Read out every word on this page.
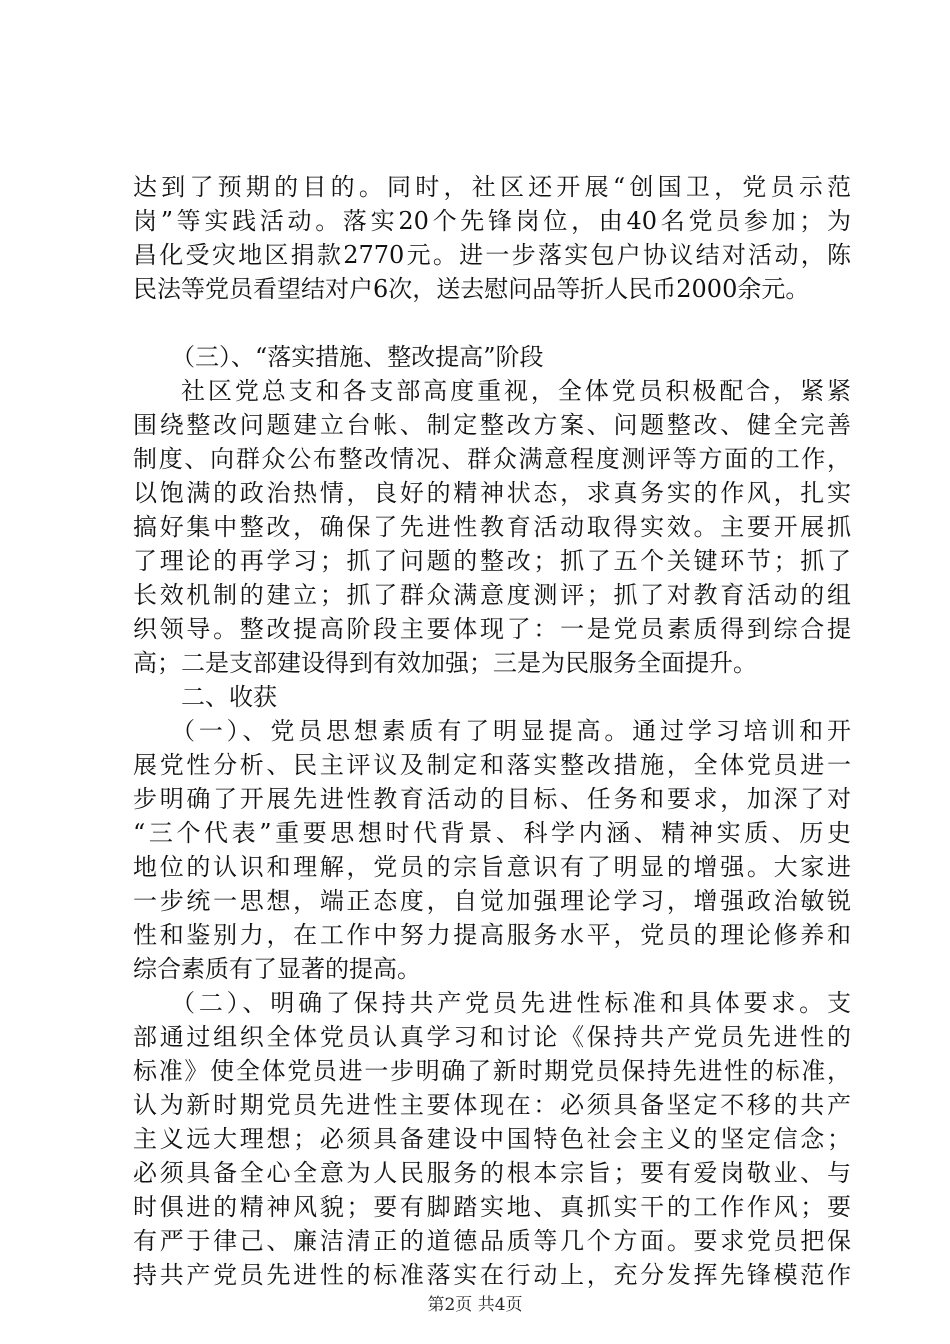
达到了预期的目的。同时，社区还开展“创国卫，党员示范
岗”等实践活动。落实20个先锋岗位，由40名党员参加；为
昌化受灾地区捐款2770元。进一步落实包户协议结对活动，陈
民法等党员看望结对户6次，送去慰问品等折人民币2000余元。
（三）、“落实措施、整改提高”阶段
社区党总支和各支部高度重视，全体党员积极配合，紧紧
围绕整改问题建立台帐、制定整改方案、问题整改、健全完善
制度、向群众公布整改情况、群众满意程度测评等方面的工作，
以饱满的政治热情，良好的精神状态，求真务实的作风，扎实
搞好集中整改，确保了先进性教育活动取得实效。主要开展抓
了理论的再学习；抓了问题的整改；抓了五个关键环节；抓了
长效机制的建立；抓了群众满意度测评；抓了对教育活动的组
织领导。整改提高阶段主要体现了：一是党员素质得到综合提
高；二是支部建设得到有效加强；三是为民服务全面提升。
二、收获
（一）、党员思想素质有了明显提高。通过学习培训和开
展党性分析、民主评议及制定和落实整改措施，全体党员进一
步明确了开展先进性教育活动的目标、任务和要求，加深了对
“三个代表”重要思想时代背景、科学内涵、精神实质、历史
地位的认识和理解，党员的宗旨意识有了明显的增强。大家进
一步统一思想，端正态度，自觉加强理论学习，增强政治敏锐
性和鉴别力，在工作中努力提高服务水平，党员的理论修养和
综合素质有了显著的提高。
（二）、明确了保持共产党员先进性标准和具体要求。支
部通过组织全体党员认真学习和讨论《保持共产党员先进性的
标准》使全体党员进一步明确了新时期党员保持先进性的标准，
认为新时期党员先进性主要体现在：必须具备坚定不移的共产
主义远大理想；必须具备建设中国特色社会主义的坚定信念；
必须具备全心全意为人民服务的根本宗旨；要有爱岗敬业、与
时俱进的精神风貌；要有脚踏实地、真抓实干的工作作风；要
有严于律己、廉洁清正的道德品质等几个方面。要求党员把保
持共产党员先进性的标准落实在行动上，充分发挥先锋模范作
第2页 共4页
